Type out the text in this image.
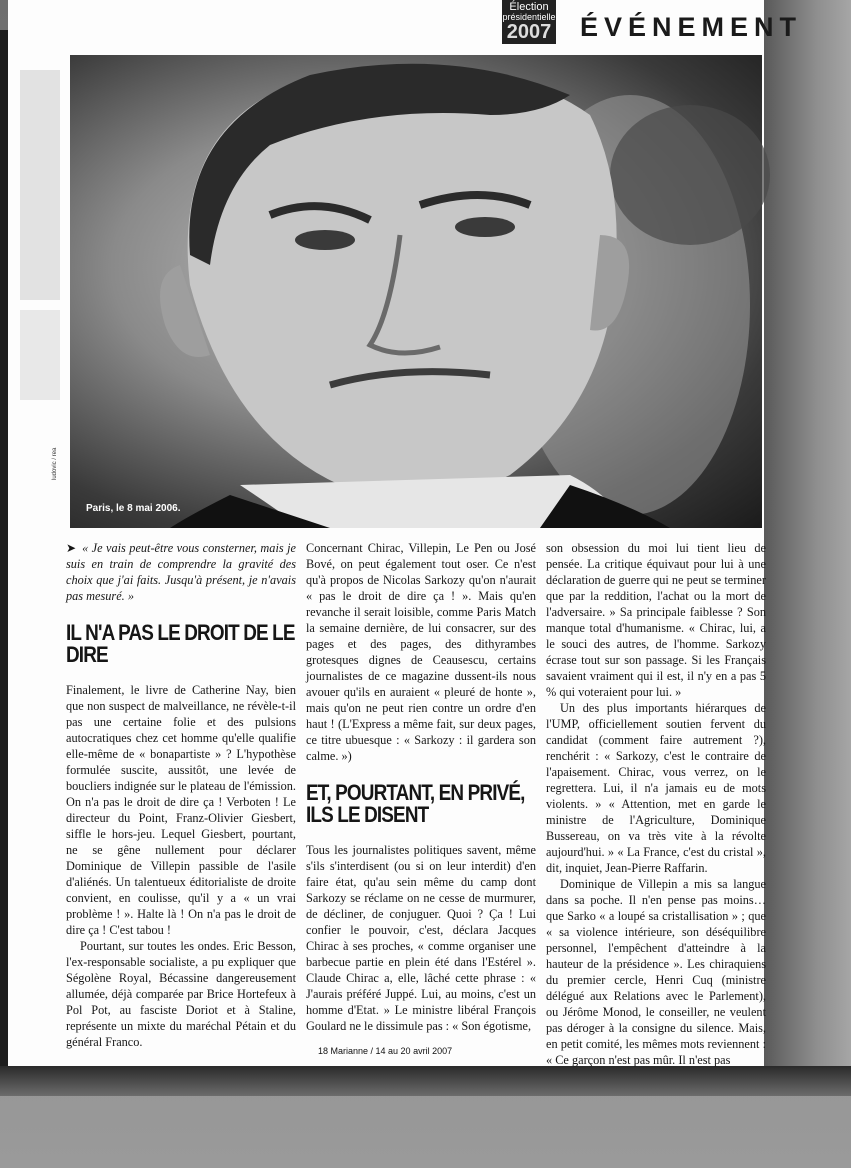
Élection
présidentielle
2007 ÉVÉNEMENT
Paris, le 8 mai 2006.
ludovic / rea

➤ « Je vais peut-être vous consterner, mais je suis en train de comprendre la gravité des choix que j'ai faits. Jusqu'à présent, je n'avais pas mesuré. »

IL N'A PAS LE DROIT DE LE DIRE

Finalement, le livre de Catherine Nay, bien que non suspect de malveillance, ne révèle-t-il pas une certaine folie et des pulsions autocratiques chez cet homme qu'elle qualifie elle-même de « bonapartiste » ? L'hypothèse formulée suscite, aussitôt, une levée de boucliers indignée sur le plateau de l'émission. On n'a pas le droit de dire ça ! Verboten ! Le directeur du Point, Franz-Olivier Giesbert, siffle le hors-jeu. Lequel Giesbert, pourtant, ne se gêne nullement pour déclarer Dominique de Villepin passible de l'asile d'aliénés. Un talentueux éditorialiste de droite convient, en coulisse, qu'il y a « un vrai problème ! ». Halte là ! On n'a pas le droit de dire ça ! C'est tabou !

Pourtant, sur toutes les ondes. Eric Besson, l'ex-responsable socialiste, a pu expliquer que Ségolène Royal, Bécassine dangereusement allumée, déjà comparée par Brice Hortefeux à Pol Pot, au fasciste Doriot et à Staline, représente un mixte du maréchal Pétain et du général Franco.

Concernant Chirac, Villepin, Le Pen ou José Bové, on peut également tout oser. Ce n'est qu'à propos de Nicolas Sarkozy qu'on n'aurait « pas le droit de dire ça ! ». Mais qu'en revanche il serait loisible, comme Paris Match la semaine dernière, de lui consacrer, sur des pages et des pages, des dithyrambes grotesques dignes de Ceausescu, certains journalistes de ce magazine dussent-ils nous avouer qu'ils en auraient « pleuré de honte », mais qu'on ne peut rien contre un ordre d'en haut ! (L'Express a même fait, sur deux pages, ce titre ubuesque : « Sarkozy : il gardera son calme. »)

ET, POURTANT, EN PRIVÉ, ILS LE DISENT

Tous les journalistes politiques savent, même s'ils s'interdisent (ou si on leur interdit) d'en faire état, qu'au sein même du camp dont Sarkozy se réclame on ne cesse de murmurer, de décliner, de conjuguer. Quoi ? Ça ! Lui confier le pouvoir, c'est, déclara Jacques Chirac à ses proches, « comme organiser une barbecue partie en plein été dans l'Estérel ». Claude Chirac a, elle, lâché cette phrase : « J'aurais préféré Juppé. Lui, au moins, c'est un homme d'Etat. » Le ministre libéral François Goulard ne le dissimule pas : « Son égotisme,

son obsession du moi lui tient lieu de pensée. La critique équivaut pour lui à une déclaration de guerre qui ne peut se terminer que par la reddition, l'achat ou la mort de l'adversaire. » Sa principale faiblesse ? Son manque total d'humanisme. « Chirac, lui, a le souci des autres, de l'homme. Sarkozy écrase tout sur son passage. Si les Français savaient vraiment qui il est, il n'y en a pas 5 % qui voteraient pour lui. »

Un des plus importants hiérarques de l'UMP, officiellement soutien fervent du candidat (comment faire autrement ?), renchérit : « Sarkozy, c'est le contraire de l'apaisement. Chirac, vous verrez, on le regrettera. Lui, il n'a jamais eu de mots violents. » « Attention, met en garde le ministre de l'Agriculture, Dominique Bussereau, on va très vite à la révolte aujourd'hui. » « La France, c'est du cristal », dit, inquiet, Jean-Pierre Raffarin.

Dominique de Villepin a mis sa langue dans sa poche. Il n'en pense pas moins… que Sarko « a loupé sa cristallisation » ; que « sa violence intérieure, son déséquilibre personnel, l'empêchent d'atteindre à la hauteur de la présidence ». Les chiraquiens du premier cercle, Henri Cuq (ministre délégué aux Relations avec le Parlement), ou Jérôme Monod, le conseiller, ne veulent pas déroger à la consigne du silence. Mais, en petit comité, les mêmes mots reviennent : « Ce garçon n'est pas mûr. Il n'est pas

18 Marianne / 14 au 20 avril 2007
